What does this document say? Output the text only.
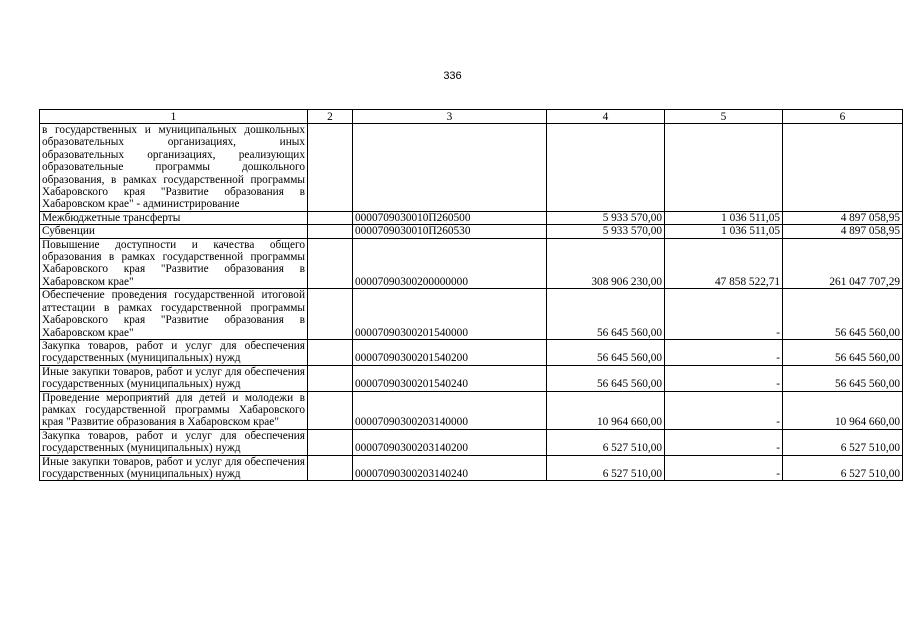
336
1	2	3	4	5	6
в государственных и муниципальных дошкольных образовательных организациях, иных образовательных организациях, реализующих образовательные программы дошкольного образования, в рамках государственной программы Хабаровского края "Развитие образования в Хабаровском крае" - администрирование					
Межбюджетные трансферты		0000709030010П260500	5 933 570,00	1 036 511,05	4 897 058,95
Субвенции		0000709030010П260530	5 933 570,00	1 036 511,05	4 897 058,95
Повышение доступности и качества общего образования в рамках государственной программы Хабаровского края "Развитие образования в Хабаровском крае"		00007090300200000000	308 906 230,00	47 858 522,71	261 047 707,29
Обеспечение проведения государственной итоговой аттестации в рамках государственной программы Хабаровского края "Развитие образования в Хабаровском крае"		00007090300201540000	56 645 560,00	-	56 645 560,00
Закупка товаров, работ и услуг для обеспечения государственных (муниципальных) нужд		00007090300201540200	56 645 560,00	-	56 645 560,00
Иные закупки товаров, работ и услуг для обеспечения государственных (муниципальных) нужд		00007090300201540240	56 645 560,00	-	56 645 560,00
Проведение мероприятий для детей и молодежи в рамках государственной программы Хабаровского края "Развитие образования в Хабаровском крае"		00007090300203140000	10 964 660,00	-	10 964 660,00
Закупка товаров, работ и услуг для обеспечения государственных (муниципальных) нужд		00007090300203140200	6 527 510,00	-	6 527 510,00
Иные закупки товаров, работ и услуг для обеспечения государственных (муниципальных) нужд		00007090300203140240	6 527 510,00	-	6 527 510,00
